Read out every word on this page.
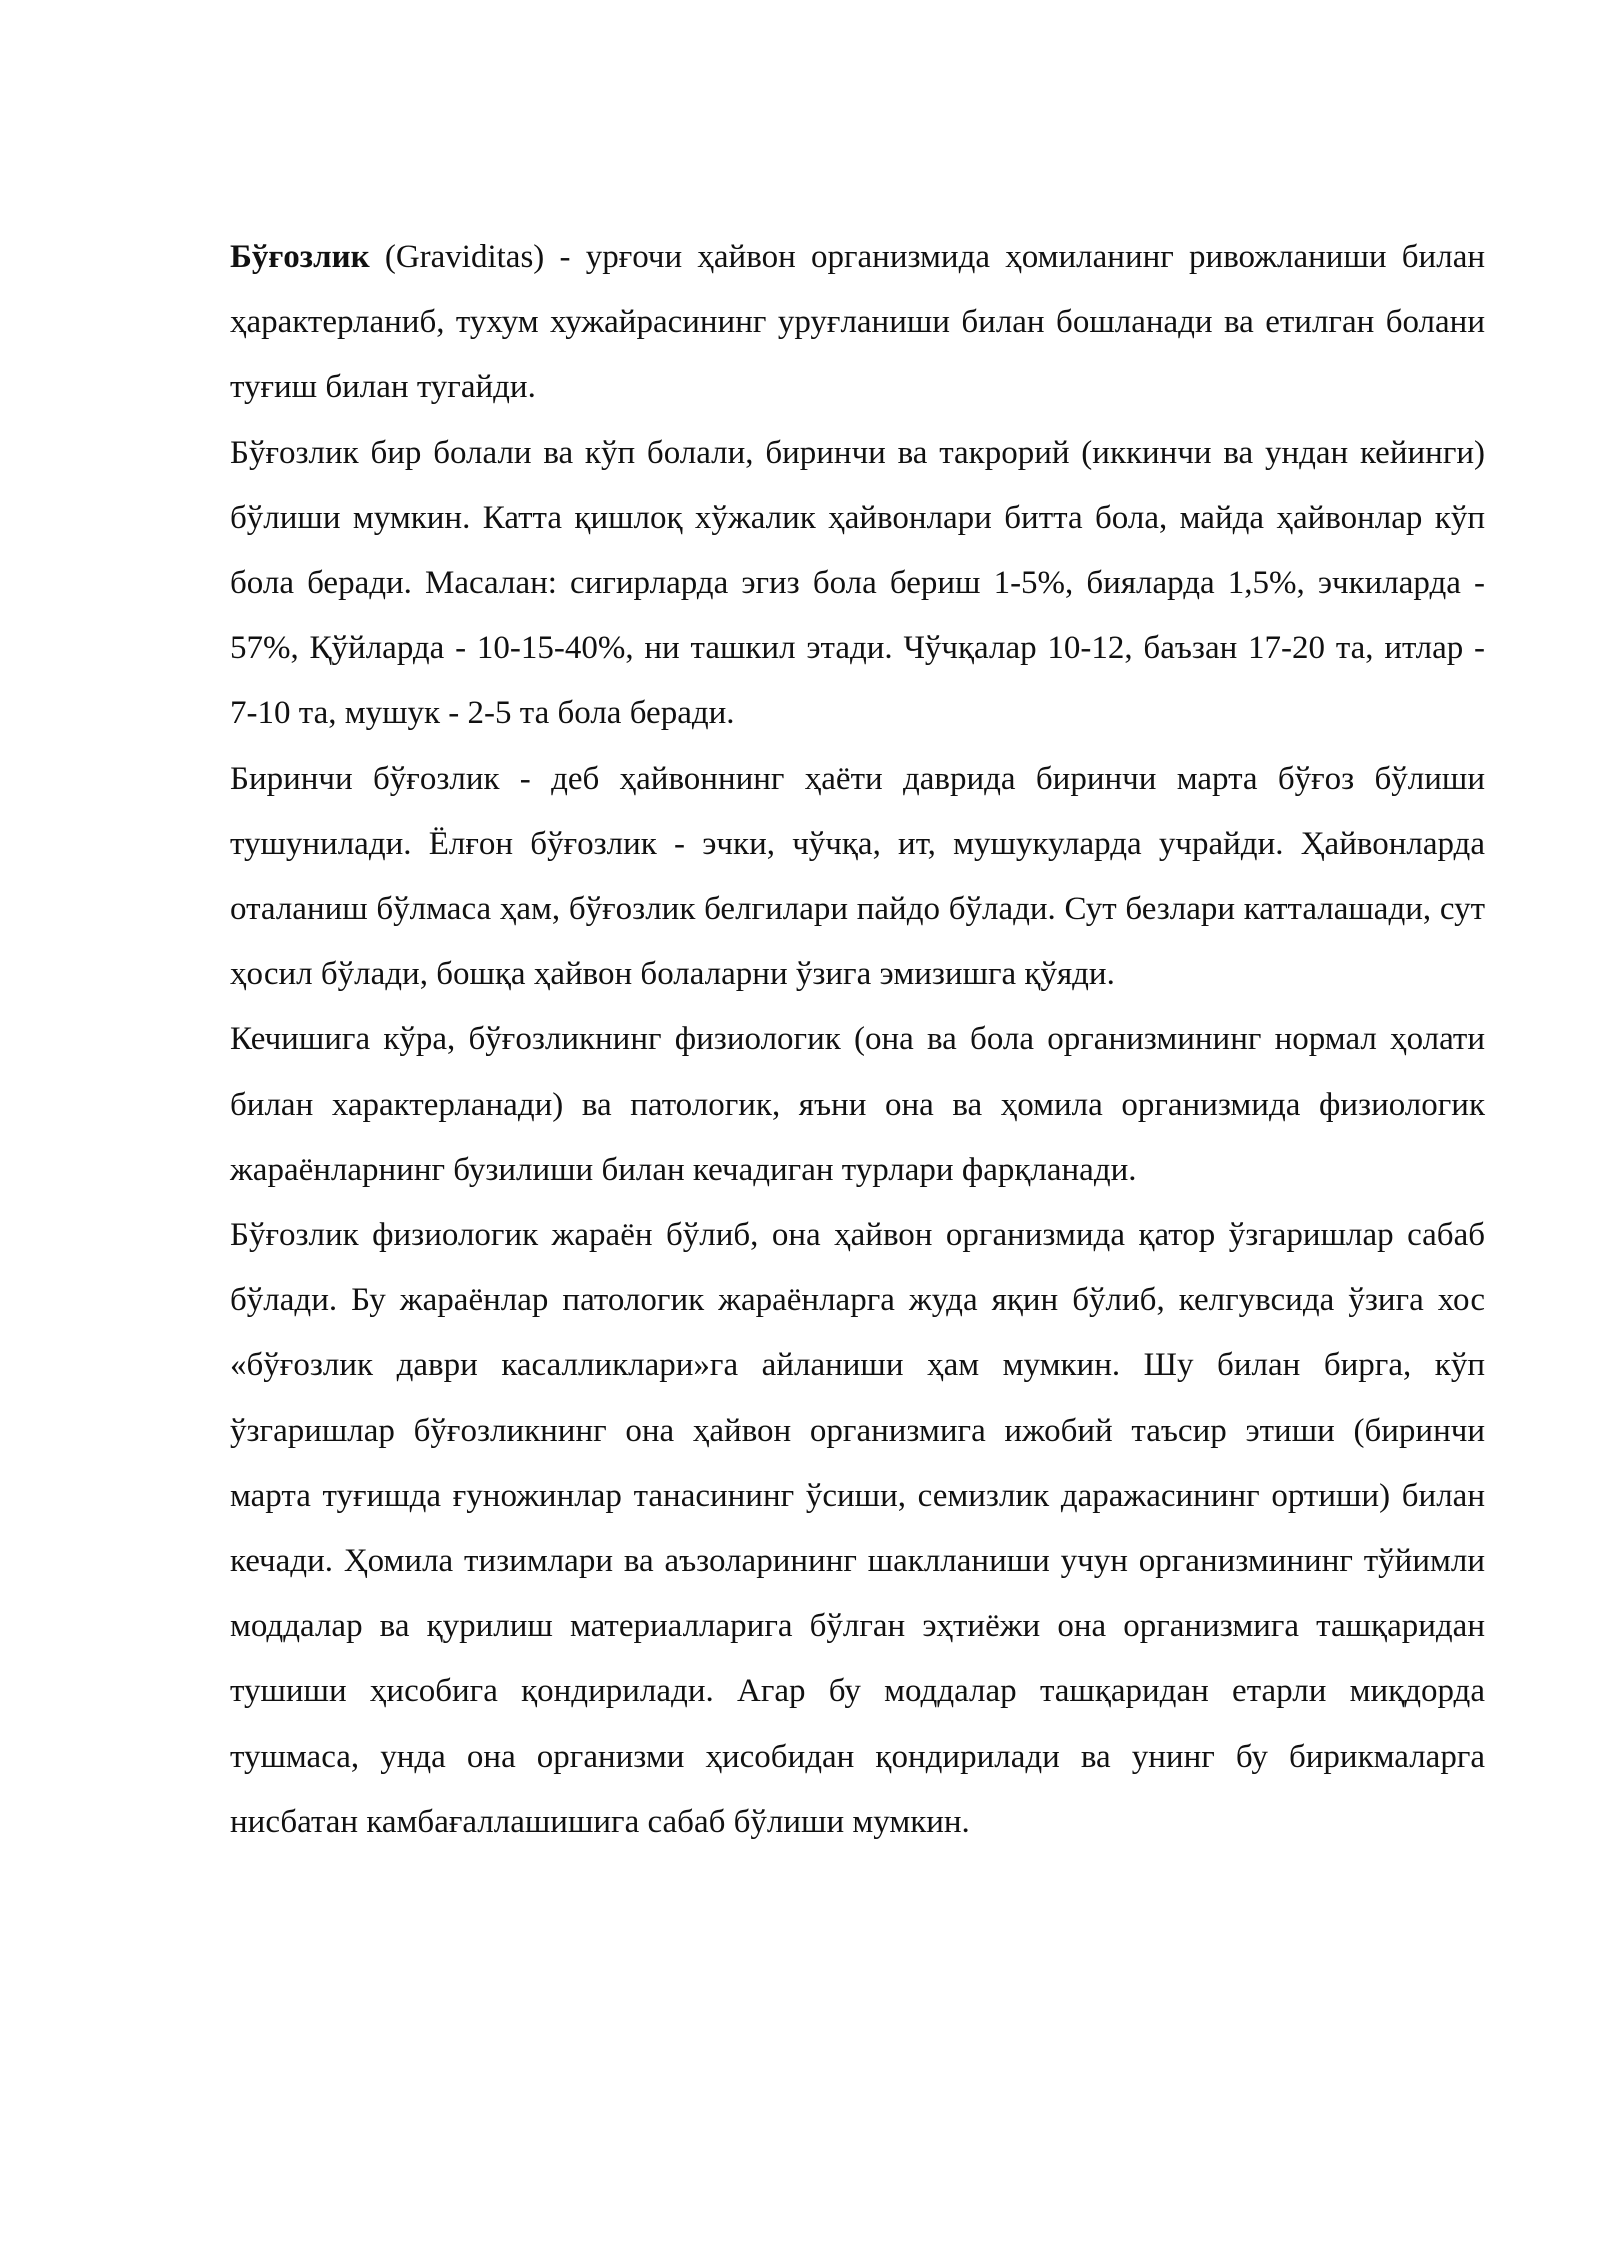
Бўғозлик (Graviditas) - урғочи ҳайвон организмида ҳомиланинг ривожланиши билан ҳарактерланиб, тухум хужайрасининг уруғланиши билан бошланади ва етилган болани туғиш билан тугайди.

Бўғозлик бир болали ва кўп болали, биринчи ва такрорий (иккинчи ва ундан кейинги) бўлиши мумкин. Катта қишлоқ хўжалик ҳайвонлари битта бола, майда ҳайвонлар кўп бола беради. Масалан: сигирларда эгиз бола бериш 1-5%, бияларда 1,5%, эчкиларда - 57%, Қўйларда - 10-15-40%, ни ташкил этади. Чўчқалар 10-12, баъзан 17-20 та, итлар - 7-10 та, мушук - 2-5 та бола беради.

Биринчи бўғозлик - деб ҳайвоннинг ҳаёти даврида биринчи марта бўғоз бўлиши тушунилади. Ёлғон бўғозлик - эчки, чўчқа, ит, мушукуларда учрайди. Ҳайвонларда оталаниш бўлмаса ҳам, бўғозлик белгилари пайдо бўлади. Сут безлари катталашади, сут ҳосил бўлади, бошқа ҳайвон болаларни ўзига эмизишга қўяди.

Кечишига кўра, бўғозликнинг физиологик (она ва бола организмининг нормал ҳолати билан характерланади) ва патологик, яъни она ва ҳомила организмида физиологик жараёнларнинг бузилиши билан кечадиган турлари фарқланади.

Бўғозлик физиологик жараён бўлиб, она ҳайвон организмида қатор ўзгаришлар сабаб бўлади. Бу жараёнлар патологик жараёнларга жуда яқин бўлиб, келгувсида ўзига хос «бўғозлик даври касалликлари»га айланиши ҳам мумкин. Шу билан бирга, кўп ўзгаришлар бўғозликнинг она ҳайвон организмига ижобий таъсир этиши (биринчи марта туғишда ғуножинлар танасининг ўсиши, семизлик даражасининг ортиши) билан кечади. Ҳомила тизимлари ва аъзоларининг шаклланиши учун организмининг тўйимли моддалар ва қурилиш материалларига бўлган эҳтиёжи она организмига ташқаридан тушиши ҳисобига қондирилади. Агар бу моддалар ташқаридан етарли миқдорда тушмаса, унда она организми ҳисобидан қондирилади ва унинг бу бирикмаларга нисбатан камбағаллашишига сабаб бўлиши мумкин.
